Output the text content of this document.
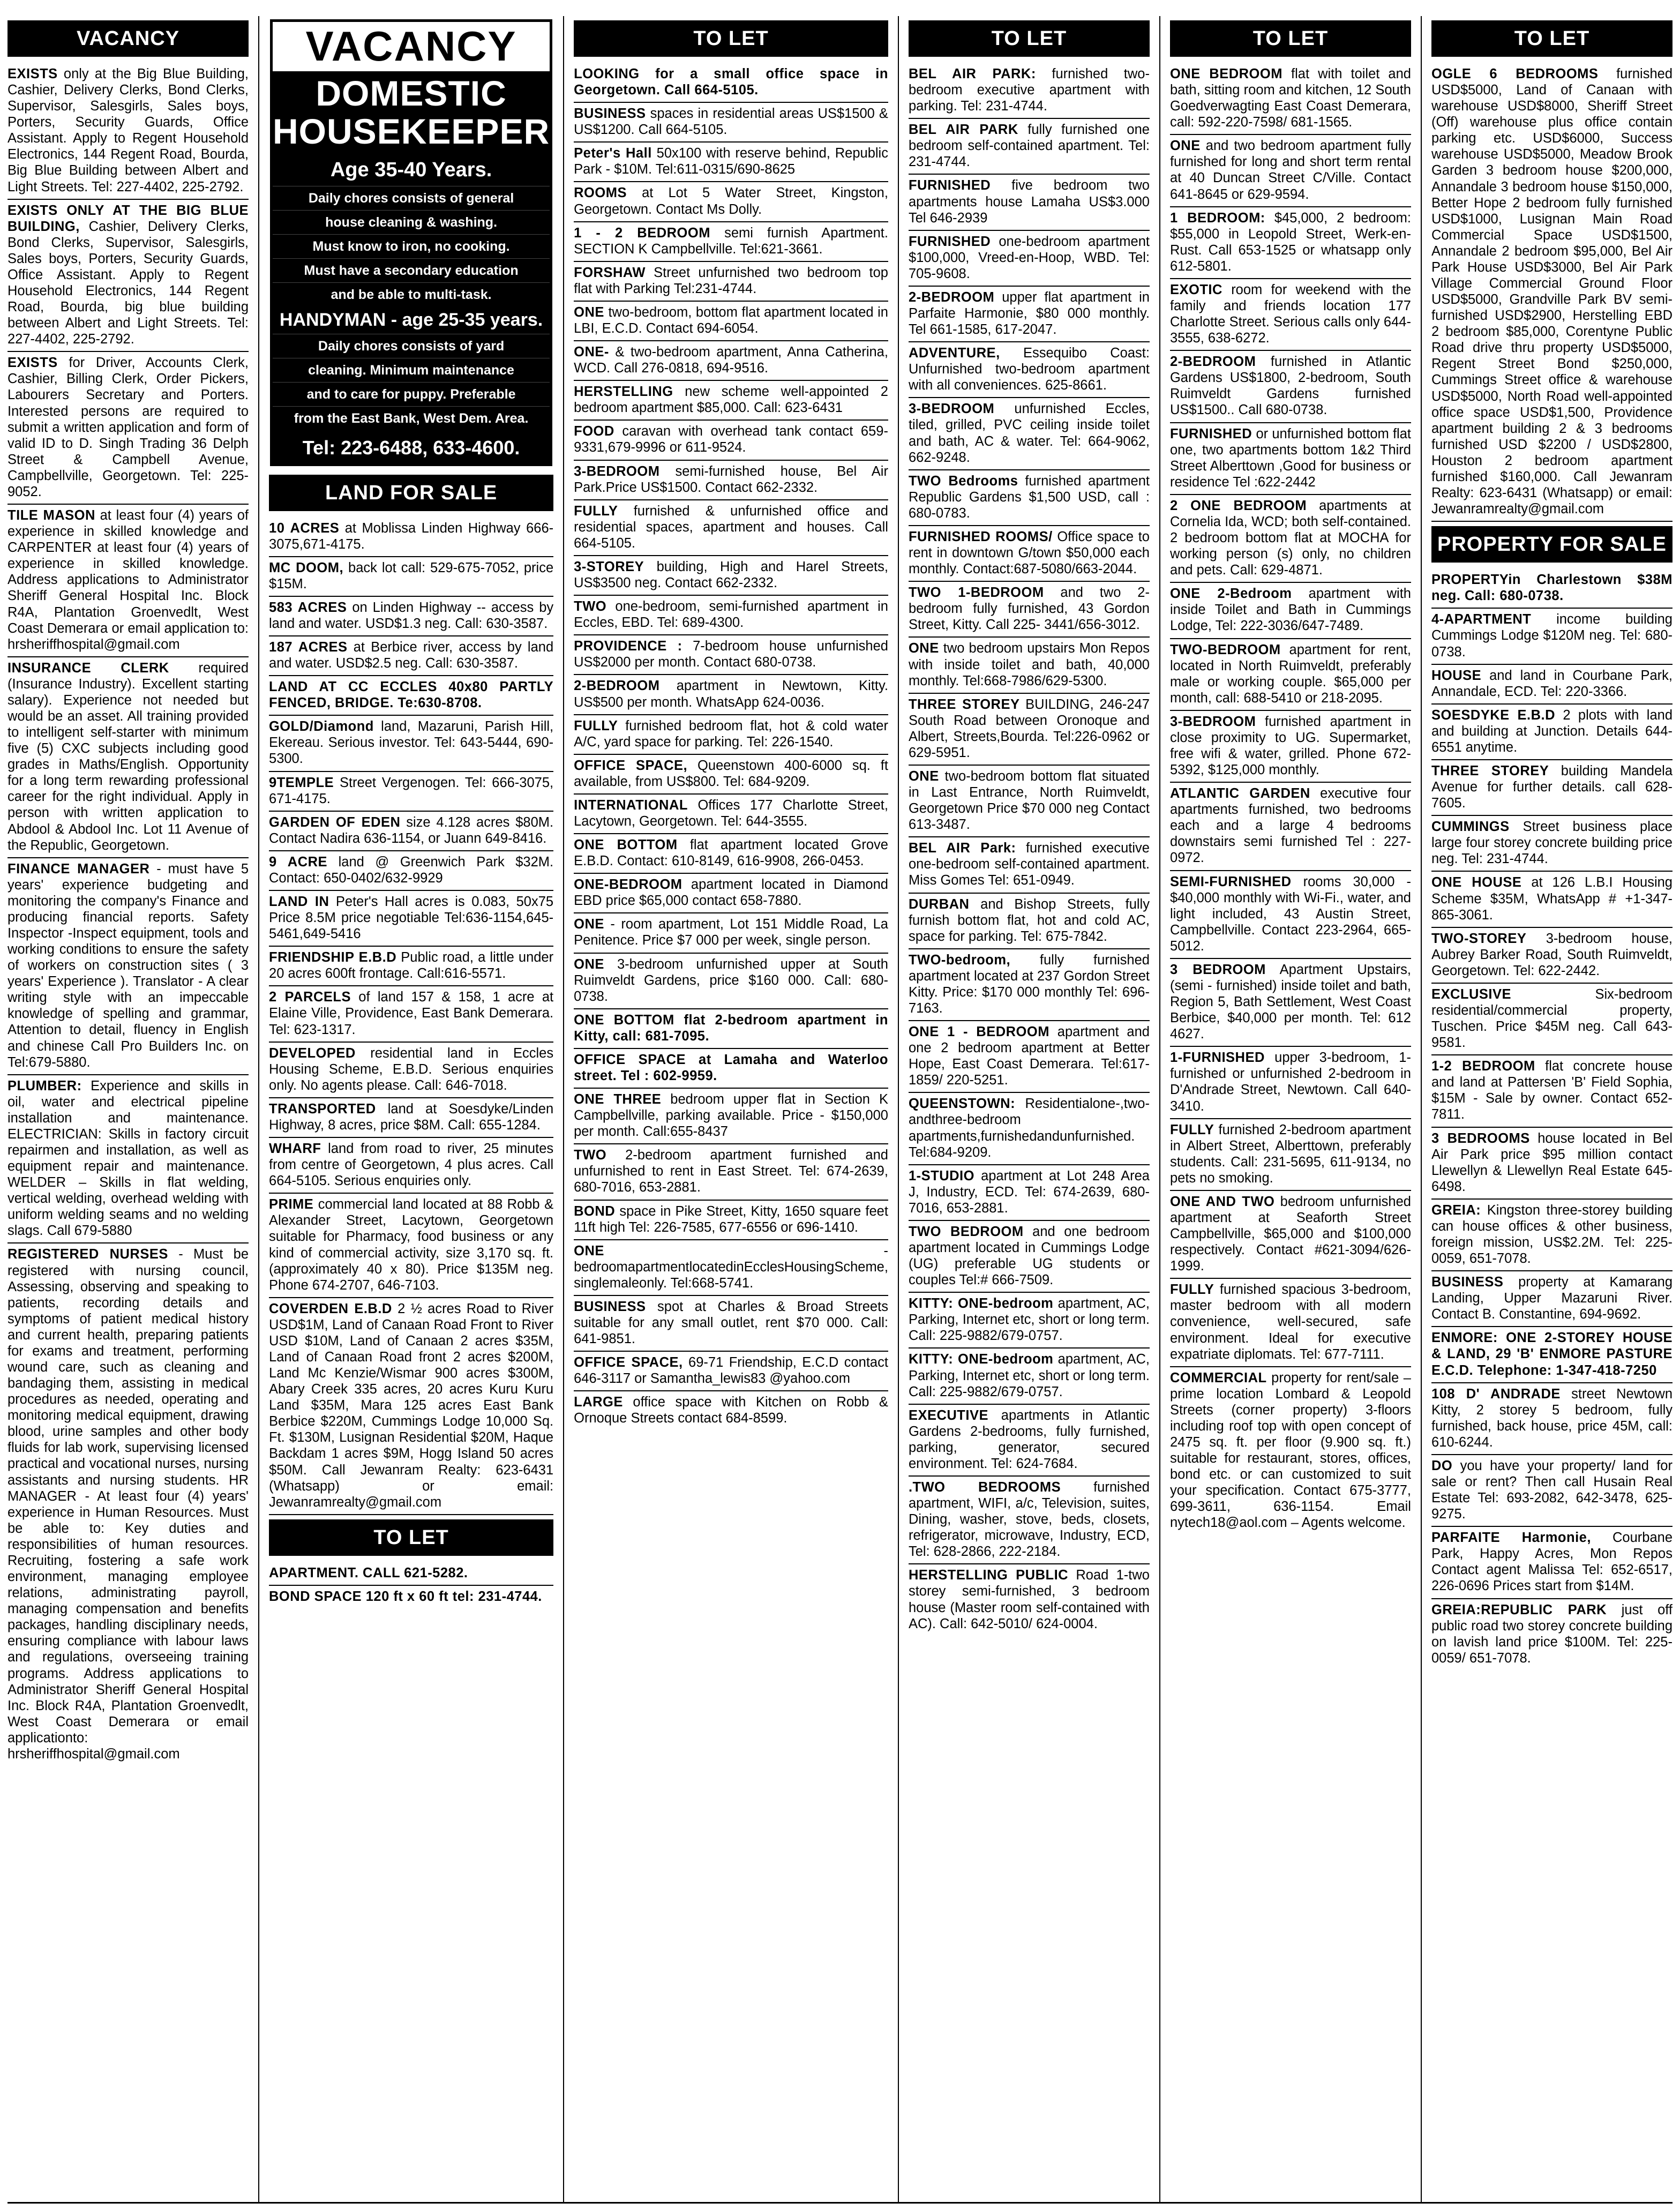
VACANCY
EXISTS only at the Big Blue Building, Cashier, Delivery Clerks, Bond Clerks, Supervisor, Salesgirls, Sales boys, Porters, Security Guards, Office Assistant. Apply to Regent Household Electronics, 144 Regent Road, Bourda, Big Blue Building between Albert and Light Streets. Tel: 227-4402, 225-2792.
EXISTS ONLY AT THE BIG BLUE BUILDING, Cashier, Delivery Clerks, Bond Clerks, Supervisor, Salesgirls, Sales boys, Porters, Security Guards, Office Assistant. Apply to Regent Household Electronics, 144 Regent Road, Bourda, big blue building between Albert and Light Streets. Tel: 227-4402, 225-2792.
EXISTS for Driver, Accounts Clerk, Cashier, Billing Clerk, Order Pickers, Labourers Secretary and Porters. Interested persons are required to submit a written application and form of valid ID to D. Singh Trading 36 Delph Street & Campbell Avenue, Campbellville, Georgetown. Tel: 225-9052.
TILE MASON at least four (4) years of experience in skilled knowledge and CARPENTER at least four (4) years of experience in skilled knowledge. Address applications to Administrator Sheriff General Hospital Inc. Block R4A, Plantation Groenvedlt, West Coast Demerara or email application to: hrsheriffhospital@gmail.com
INSURANCE CLERK required (Insurance Industry). Excellent starting salary). Experience not needed but would be an asset. All training provided to intelligent self-starter with minimum five (5) CXC subjects including good grades in Maths/English. Opportunity for a long term rewarding professional career for the right individual. Apply in person with written application to Abdool & Abdool Inc. Lot 11 Avenue of the Republic, Georgetown.
FINANCE MANAGER - must have 5 years' experience budgeting and monitoring the company's Finance and producing financial reports. Safety Inspector -Inspect equipment, tools and working conditions to ensure the safety of workers on construction sites ( 3 years' Experience ). Translator - A clear writing style with an impeccable knowledge of spelling and grammar, Attention to detail, fluency in English and chinese Call Pro Builders Inc. on Tel:679-5880.
PLUMBER: Experience and skills in oil, water and electrical pipeline installation and maintenance. ELECTRICIAN: Skills in factory circuit repairmen and installation, as well as equipment repair and maintenance. WELDER – Skills in flat welding, vertical welding, overhead welding with uniform welding seams and no welding slags. Call 679-5880
REGISTERED NURSES - Must be registered with nursing council, Assessing, observing and speaking to patients, recording details and symptoms of patient medical history and current health, preparing patients for exams and treatment, performing wound care, such as cleaning and bandaging them, assisting in medical procedures as needed, operating and monitoring medical equipment, drawing blood, urine samples and other body fluids for lab work, supervising licensed practical and vocational nurses, nursing assistants and nursing students. HR MANAGER - At least four (4) years' experience in Human Resources. Must be able to: Key duties and responsibilities of human resources. Recruiting, fostering a safe work environment, managing employee relations, administrating payroll, managing compensation and benefits packages, handling disciplinary needs, ensuring compliance with labour laws and regulations, overseeing training programs. Address applications to Administrator Sheriff General Hospital Inc. Block R4A, Plantation Groenvedlt, West Coast Demerara or email applicationto: hrsheriffhospital@gmail.com
VACANCY
DOMESTIC HOUSEKEEPER
Age 35-40 Years.
Daily chores consists of general
house cleaning & washing.
Must know to iron, no cooking.
Must have a secondary education
and be able to multi-task.
HANDYMAN - age 25-35 years.
Daily chores consists of yard
cleaning. Minimum maintenance
and to care for puppy. Preferable
from the East Bank, West Dem. Area.
Tel: 223-6488, 633-4600.
LAND FOR SALE
10 ACRES at Moblissa Linden Highway 666-3075,671-4175.
MC DOOM, back lot call: 529-675-7052, price $15M.
583 ACRES on Linden Highway -- access by land and water. USD$1.3 neg. Call: 630-3587.
187 ACRES at Berbice river, access by land and water. USD$2.5 neg. Call: 630-3587.
LAND AT CC ECCLES 40x80 PARTLY FENCED, BRIDGE. Te:630-8708.
GOLD/Diamond land, Mazaruni, Parish Hill, Ekereau. Serious investor. Tel: 643-5444, 690-5300.
9TEMPLE Street Vergenogen. Tel: 666-3075, 671-4175.
GARDEN OF EDEN size 4.128 acres $80M. Contact Nadira 636-1154, or Juann 649-8416.
9 ACRE land @ Greenwich Park $32M. Contact: 650-0402/632-9929
LAND IN Peter's Hall acres is 0.083, 50x75 Price 8.5M price negotiable Tel:636-1154,645-5461,649-5416
FRIENDSHIP E.B.D Public road, a little under 20 acres 600ft frontage. Call:616-5571.
2 PARCELS of land 157 & 158, 1 acre at Elaine Ville, Providence, East Bank Demerara. Tel: 623-1317.
DEVELOPED residential land in Eccles Housing Scheme, E.B.D. Serious enquiries only. No agents please. Call: 646-7018.
TRANSPORTED land at Soesdyke/Linden Highway, 8 acres, price $8M. Call: 655-1284.
WHARF land from road to river, 25 minutes from centre of Georgetown, 4 plus acres. Call 664-5105. Serious enquiries only.
PRIME commercial land located at 88 Robb & Alexander Street, Lacytown, Georgetown suitable for Pharmacy, food business or any kind of commercial activity, size 3,170 sq. ft. (approximately 40 x 80). Price $135M neg. Phone 674-2707, 646-7103.
COVERDEN E.B.D 2 ½ acres Road to River USD$1M, Land of Canaan Road Front to River USD $10M, Land of Canaan 2 acres $35M, Land of Canaan Road front 2 acres $200M, Land Mc Kenzie/Wismar 900 acres $300M, Abary Creek 335 acres, 20 acres Kuru Kuru Land $35M, Mara 125 acres East Bank Berbice $220M, Cummings Lodge 10,000 Sq. Ft. $130M, Lusignan Residential $20M, Haque Backdam 1 acres $9M, Hogg Island 50 acres $50M. Call Jewanram Realty: 623-6431 (Whatsapp) or email: Jewanramrealty@gmail.com
TO LET
APARTMENT. CALL 621-5282.
BOND SPACE 120 ft x 60 ft tel: 231-4744.
TO LET
LOOKING for a small office space in Georgetown. Call 664-5105.
BUSINESS spaces in residential areas US$1500 & US$1200. Call 664-5105.
Peter's Hall 50x100 with reserve behind, Republic Park - $10M. Tel:611-0315/690-8625
ROOMS at Lot 5 Water Street, Kingston, Georgetown. Contact Ms Dolly.
1 - 2 BEDROOM semi furnish Apartment. SECTION K Campbellville. Tel:621-3661.
FORSHAW Street unfurnished two bedroom top flat with Parking Tel:231-4744.
ONE two-bedroom, bottom flat apartment located in LBI, E.C.D. Contact 694-6054.
ONE- & two-bedroom apartment, Anna Catherina, WCD. Call 276-0818, 694-9516.
HERSTELLING new scheme well-appointed 2 bedroom apartment $85,000. Call: 623-6431
FOOD caravan with overhead tank contact 659-9331,679-9996 or 611-9524.
3-BEDROOM semi-furnished house, Bel Air Park.Price US$1500. Contact 662-2332.
FULLY furnished & unfurnished office and residential spaces, apartment and houses. Call 664-5105.
3-STOREY building, High and Harel Streets, US$3500 neg. Contact 662-2332.
TWO one-bedroom, semi-furnished apartment in Eccles, EBD. Tel: 689-4300.
PROVIDENCE : 7-bedroom house unfurnished US$2000 per month. Contact 680-0738.
2-BEDROOM apartment in Newtown, Kitty. US$500 per month. WhatsApp 624-0036.
FULLY furnished bedroom flat, hot & cold water A/C, yard space for parking. Tel: 226-1540.
OFFICE SPACE, Queenstown 400-6000 sq. ft available, from US$800. Tel: 684-9209.
INTERNATIONAL Offices 177 Charlotte Street, Lacytown, Georgetown. Tel: 644-3555.
ONE BOTTOM flat apartment located Grove E.B.D. Contact: 610-8149, 616-9908, 266-0453.
ONE-BEDROOM apartment located in Diamond EBD price $65,000 contact 658-7880.
ONE - room apartment, Lot 151 Middle Road, La Penitence. Price $7 000 per week, single person.
ONE 3-bedroom unfurnished upper at South Ruimveldt Gardens, price $160 000. Call: 680-0738.
ONE BOTTOM flat 2-bedroom apartment in Kitty, call: 681-7095.
OFFICE SPACE at Lamaha and Waterloo street. Tel : 602-9959.
ONE THREE bedroom upper flat in Section K Campbellville, parking available. Price - $150,000 per month. Call:655-8437
TWO 2-bedroom apartment furnished and unfurnished to rent in East Street. Tel: 674-2639, 680-7016, 653-2881.
BOND space in Pike Street, Kitty, 1650 square feet 11ft high Tel: 226-7585, 677-6556 or 696-1410.
ONE	-bedroomapartmentlocatedinEcclesHousingScheme, singlemaleonly. Tel:668-5741.
BUSINESS spot at Charles & Broad Streets suitable for any small outlet, rent $70 000. Call: 641-9851.
OFFICE SPACE, 69-71 Friendship, E.C.D contact 646-3117 or Samantha_lewis83 @yahoo.com
LARGE office space with Kitchen on Robb & Ornoque Streets contact 684-8599.
TO LET
BEL AIR PARK: furnished two-bedroom executive apartment with parking. Tel: 231-4744.
BEL AIR PARK fully furnished one bedroom self-contained apartment. Tel: 231-4744.
FURNISHED five bedroom two apartments house Lamaha US$3.000 Tel 646-2939
FURNISHED one-bedroom apartment $100,000, Vreed-en-Hoop, WBD. Tel: 705-9608.
2-BEDROOM upper flat apartment in Parfaite Harmonie, $80 000 monthly. Tel 661-1585, 617-2047.
ADVENTURE, Essequibo Coast: Unfurnished two-bedroom apartment with all conveniences. 625-8661.
3-BEDROOM unfurnished Eccles, tiled, grilled, PVC ceiling inside toilet and bath, AC & water. Tel: 664-9062, 662-9248.
TWO Bedrooms furnished apartment Republic Gardens $1,500 USD, call : 680-0783.
FURNISHED ROOMS/ Office space to rent in downtown G/town $50,000 each monthly. Contact:687-5080/663-2044.
TWO 1-BEDROOM and two 2-bedroom fully furnished, 43 Gordon Street, Kitty. Call 225- 3441/656-3012.
ONE two bedroom upstairs Mon Repos with inside toilet and bath, 40,000 monthly. Tel:668-7986/629-5300.
THREE STOREY BUILDING, 246-247 South Road between Oronoque and Albert, Streets,Bourda. Tel:226-0962 or 629-5951.
ONE two-bedroom bottom flat situated in Last Entrance, North Ruimveldt, Georgetown Price $70 000 neg Contact 613-3487.
BEL AIR Park: furnished executive one-bedroom self-contained apartment. Miss Gomes Tel: 651-0949.
DURBAN and Bishop Streets, fully furnish bottom flat, hot and cold AC, space for parking. Tel: 675-7842.
TWO-bedroom, fully furnished apartment located at 237 Gordon Street Kitty. Price: $170 000 monthly Tel: 696-7163.
ONE 1 - BEDROOM apartment and one 2 bedroom apartment at Better Hope, East Coast Demerara. Tel:617-1859/ 220-5251.
QUEENSTOWN: Residentialone-,two-andthree-bedroom apartments,furnishedandunfurnished. Tel:684-9209.
1-STUDIO apartment at Lot 248 Area J, Industry, ECD. Tel: 674-2639, 680-7016, 653-2881.
TWO BEDROOM and one bedroom apartment located in Cummings Lodge (UG) preferable UG students or couples Tel:# 666-7509.
KITTY: ONE-bedroom apartment, AC, Parking, Internet etc, short or long term. Call: 225-9882/679-0757.
KITTY: ONE-bedroom apartment, AC, Parking, Internet etc, short or long term. Call: 225-9882/679-0757.
EXECUTIVE apartments in Atlantic Gardens 2-bedrooms, fully furnished, parking, generator, secured environment. Tel: 624-7684.
.TWO BEDROOMS furnished apartment, WIFI, a/c, Television, suites, Dining, washer, stove, beds, closets, refrigerator, microwave, Industry, ECD, Tel: 628-2866, 222-2184.
HERSTELLING PUBLIC Road 1-two storey semi-furnished, 3 bedroom house (Master room self-contained with AC). Call: 642-5010/ 624-0004.
TO LET
ONE BEDROOM flat with toilet and bath, sitting room and kitchen, 12 South Goedverwagting East Coast Demerara, call: 592-220-7598/ 681-1565.
ONE and two bedroom apartment fully furnished for long and short term rental at 40 Duncan Street C/Ville. Contact 641-8645 or 629-9594.
1 BEDROOM: $45,000, 2 bedroom: $55,000 in Leopold Street, Werk-en-Rust. Call 653-1525 or whatsapp only 612-5801.
EXOTIC room for weekend with the family and friends location 177 Charlotte Street. Serious calls only 644-3555, 638-6272.
2-BEDROOM furnished in Atlantic Gardens US$1800, 2-bedroom, South Ruimveldt Gardens furnished US$1500.. Call 680-0738.
FURNISHED or unfurnished bottom flat one, two apartments bottom 1&2 Third Street Alberttown ,Good for business or residence Tel :622-2442
2 ONE BEDROOM apartments at Cornelia Ida, WCD; both self-contained. 2 bedroom bottom flat at MOCHA for working person (s) only, no children and pets. Call: 629-4871.
ONE 2-Bedroom apartment with inside Toilet and Bath in Cummings Lodge, Tel: 222-3036/647-7489.
TWO-BEDROOM apartment for rent, located in North Ruimveldt, preferably male or working couple. $65,000 per month, call: 688-5410 or 218-2095.
3-BEDROOM furnished apartment in close proximity to UG. Supermarket, free wifi & water, grilled. Phone 672-5392, $125,000 monthly.
ATLANTIC GARDEN executive four apartments furnished, two bedrooms each and a large 4 bedrooms downstairs semi furnished Tel : 227-0972.
SEMI-FURNISHED rooms 30,000 - $40,000 monthly with Wi-Fi., water, and light included, 43 Austin Street, Campbellville. Contact 223-2964, 665-5012.
3 BEDROOM Apartment Upstairs, (semi - furnished) inside toilet and bath, Region 5, Bath Settlement, West Coast Berbice, $40,000 per month. Tel: 612 4627.
1-FURNISHED upper 3-bedroom, 1-furnished or unfurnished 2-bedroom in D'Andrade Street, Newtown. Call 640-3410.
FULLY furnished 2-bedroom apartment in Albert Street, Alberttown, preferably students. Call: 231-5695, 611-9134, no pets no smoking.
ONE AND TWO bedroom unfurnished apartment at Seaforth Street Campbellville, $65,000 and $100,000 respectively. Contact #621-3094/626-1999.
FULLY furnished spacious 3-bedroom, master bedroom with all modern convenience, well-secured, safe environment. Ideal for executive expatriate diplomats. Tel: 677-7111.
COMMERCIAL property for rent/sale – prime location Lombard & Leopold Streets (corner property) 3-floors including roof top with open concept of 2475 sq. ft. per floor (9.900 sq. ft.) suitable for restaurant, stores, offices, bond etc. or can customized to suit your specification. Contact 675-3777, 699-3611, 636-1154. Email nytech18@aol.com – Agents welcome.
TO LET
OGLE 6 BEDROOMS furnished USD$5000, Land of Canaan with warehouse USD$8000, Sheriff Street (Off) warehouse plus office contain parking etc. USD$6000, Success warehouse USD$5000, Meadow Brook Garden 3 bedroom house $200,000, Annandale 3 bedroom house $150,000, Better Hope 2 bedroom fully furnished USD$1000, Lusignan Main Road Commercial Space USD$1500, Annandale 2 bedroom $95,000, Bel Air Park House USD$3000, Bel Air Park Village Commercial Ground Floor USD$5000, Grandville Park BV semi- furnished USD$2900, Herstelling EBD 2 bedroom $85,000, Corentyne Public Road drive thru property USD$5000, Regent Street Bond $250,000, Cummings Street office & warehouse USD$5000, North Road well-appointed office space USD$1,500, Providence apartment building 2 & 3 bedrooms furnished USD $2200 / USD$2800, Houston 2 bedroom apartment furnished $160,000. Call Jewanram Realty: 623-6431 (Whatsapp) or email: Jewanramrealty@gmail.com
PROPERTY FOR SALE
PROPERTYin Charlestown $38M neg. Call: 680-0738.
4-APARTMENT income building Cummings Lodge $120M neg. Tel: 680-0738.
HOUSE and land in Courbane Park, Annandale, ECD. Tel: 220-3366.
SOESDYKE E.B.D 2 plots with land and building at Junction. Details 644-6551 anytime.
THREE STOREY building Mandela Avenue for further details. call 628-7605.
CUMMINGS Street business place large four storey concrete building price neg. Tel: 231-4744.
ONE HOUSE at 126 L.B.I Housing Scheme $35M, WhatsApp # +1-347-865-3061.
TWO-STOREY 3-bedroom house, Aubrey Barker Road, South Ruimveldt, Georgetown. Tel: 622-2442.
EXCLUSIVE	Six-bedroom residential/commercial property, Tuschen. Price $45M neg. Call 643-9581.
1-2 BEDROOM flat concrete house and land at Pattersen 'B' Field Sophia, $15M - Sale by owner. Contact 652-7811.
3 BEDROOMS house located in Bel Air Park price $95 million contact Llewellyn & Llewellyn Real Estate 645-6498.
GREIA: Kingston three-storey building can house offices & other business, foreign mission, US$2.2M. Tel: 225-0059, 651-7078.
BUSINESS property at Kamarang Landing, Upper Mazaruni River. Contact B. Constantine, 694-9692.
ENMORE: ONE 2-STOREY HOUSE & LAND, 29 'B' ENMORE PASTURE E.C.D. Telephone: 1-347-418-7250
108 D' ANDRADE street Newtown Kitty, 2 storey 5 bedroom, fully furnished, back house, price 45M, call: 610-6244.
DO you have your property/ land for sale or rent? Then call Husain Real Estate Tel: 693-2082, 642-3478, 625-9275.
PARFAITE Harmonie, Courbane Park, Happy Acres, Mon Repos Contact agent Malissa Tel: 652-6517, 226-0696 Prices start from $14M.
GREIA:REPUBLIC PARK just off public road two storey concrete building on lavish land price $100M. Tel: 225-0059/ 651-7078.
